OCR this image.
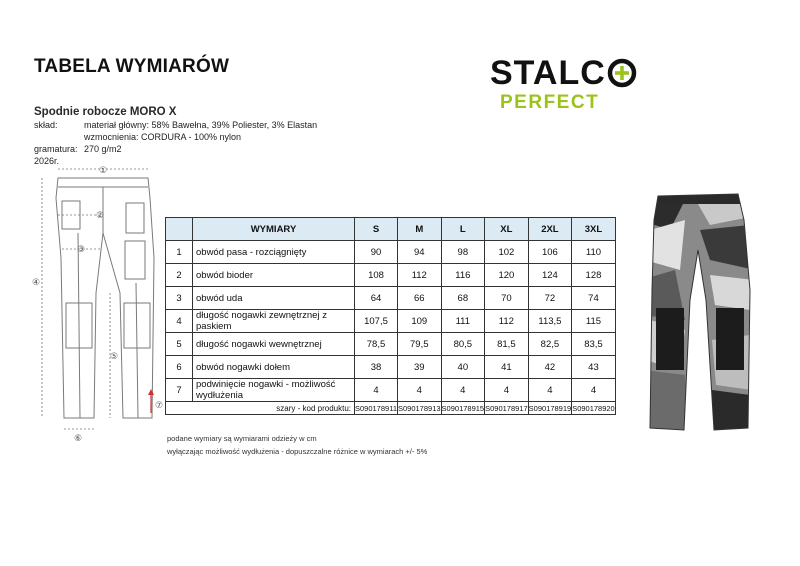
TABELA WYMIARÓW
Spodnie robocze MORO X
skład:	materiał główny: 58% Bawełna, 39% Poliester, 3% Elastan
wzmocnienia: CORDURA - 100% nylon
gramatura: 270 g/m2
2026r.
STALC
PERFECT
①
②
③
④
⑤
⑥
⑦
	WYMIARY	S	M	L	XL	2XL	3XL
1	obwód pasa - rozciągnięty	90	94	98	102	106	110
2	obwód bioder	108	112	116	120	124	128
3	obwód uda	64	66	68	70	72	74
4	długość nogawki zewnętrznej z paskiem	107,5	109	111	112	113,5	115
5	długość nogawki wewnętrznej	78,5	79,5	80,5	81,5	82,5	83,5
6	obwód nogawki dołem	38	39	40	41	42	43
7	podwinięcie nogawki - możliwość wydłużenia	4	4	4	4	4	4
szary - kod produktu:		S090178911	S090178913	S090178915	S090178917	S090178919	S090178920
podane wymiary są wymiarami odzieży w cm
wyłączając możliwość wydłużenia - dopuszczalne różnice w wymiarach +/- 5%
